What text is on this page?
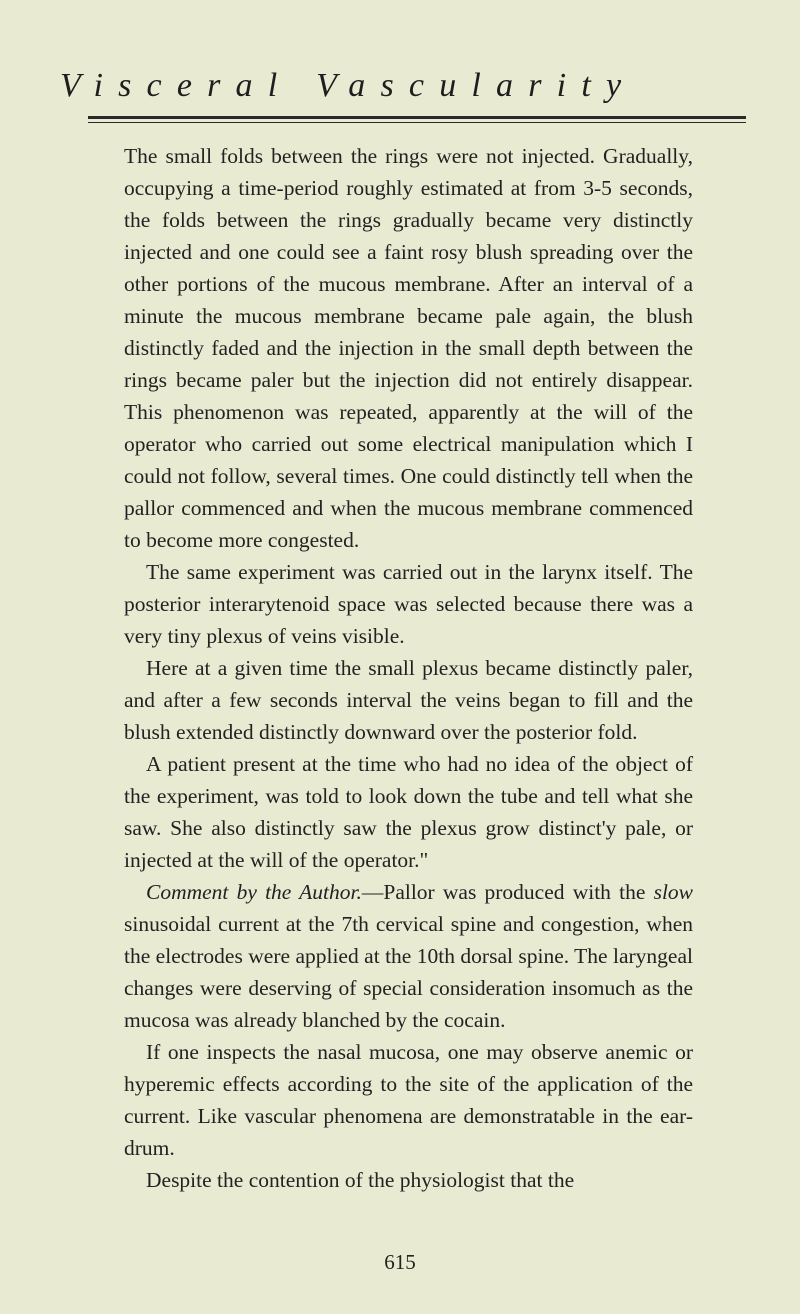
Visceral Vascularity

The small folds between the rings were not injected. Gradually, occupying a time-period roughly estimated at from 3-5 seconds, the folds between the rings gradually became very distinctly injected and one could see a faint rosy blush spreading over the other portions of the mucous membrane. After an interval of a minute the mucous membrane became pale again, the blush distinctly faded and the injection in the small depth between the rings became paler but the injection did not entirely disappear. This phenomenon was repeated, apparently at the will of the operator who carried out some electrical manipulation which I could not follow, several times. One could distinctly tell when the pallor commenced and when the mucous membrane commenced to become more congested.

The same experiment was carried out in the larynx itself. The posterior interarytenoid space was selected because there was a very tiny plexus of veins visible.

Here at a given time the small plexus became distinctly paler, and after a few seconds interval the veins began to fill and the blush extended distinctly downward over the posterior fold.

A patient present at the time who had no idea of the object of the experiment, was told to look down the tube and tell what she saw. She also distinctly saw the plexus grow distinct'y pale, or injected at the will of the operator."

Comment by the Author.—Pallor was produced with the slow sinusoidal current at the 7th cervical spine and congestion, when the electrodes were applied at the 10th dorsal spine. The laryngeal changes were deserving of special consideration insomuch as the mucosa was already blanched by the cocain.

If one inspects the nasal mucosa, one may observe anemic or hyperemic effects according to the site of the application of the current. Like vascular phenomena are demonstratable in the ear-drum.

Despite the contention of the physiologist that the

615
